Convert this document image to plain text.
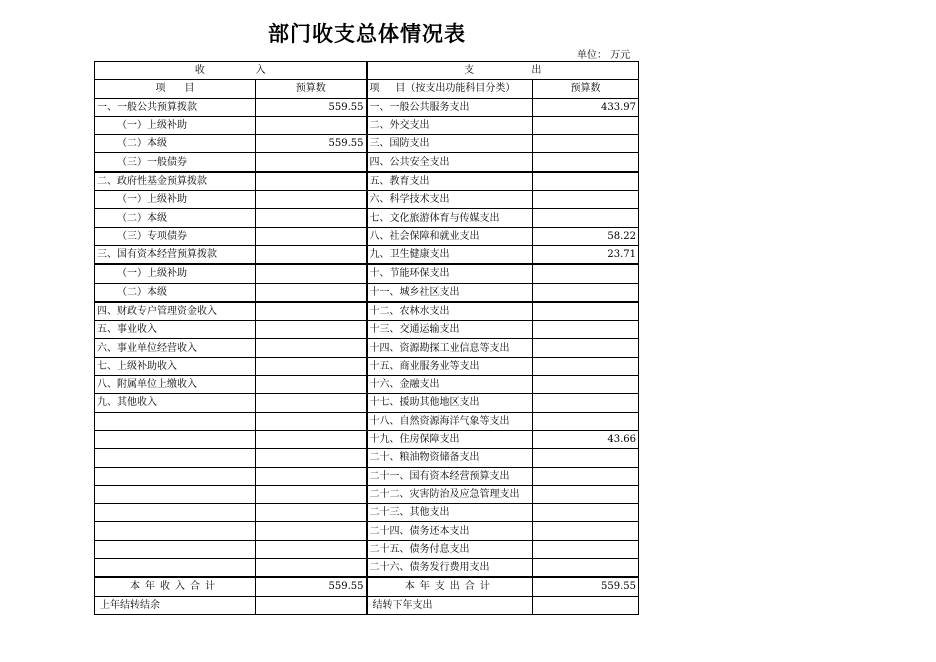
部门收支总体情况表
单位： 万元
收                入		支                  出	
项      目	预算数	项     目（按支出功能科目分类）	预算数
一、一般公共预算拨款	559.55	一、一般公共服务支出	433.97
（一）上级补助		二、外交支出	
（二）本级	559.55	三、国防支出	
（三）一般债券		四、公共安全支出	
二、政府性基金预算拨款		五、教育支出	
（一）上级补助		六、科学技术支出	
（二）本级		七、文化旅游体育与传媒支出	
（三）专项债券		八、社会保障和就业支出	58.22
三、国有资本经营预算拨款		九、卫生健康支出	23.71
（一）上级补助		十、节能环保支出	
（二）本级		十一、城乡社区支出	
四、财政专户管理资金收入		十二、农林水支出	
五、事业收入		十三、交通运输支出	
六、事业单位经营收入		十四、资源勘探工业信息等支出	
七、上级补助收入		十五、商业服务业等支出	
八、附属单位上缴收入		十六、金融支出	
九、其他收入		十七、援助其他地区支出	
		十八、自然资源海洋气象等支出	
		十九、住房保障支出	43.66
		二十、粮油物资储备支出	
		二十一、国有资本经营预算支出	
		二十二、灾害防治及应急管理支出	
		二十三、其他支出	
		二十四、债务还本支出	
		二十五、债务付息支出	
		二十六、债务发行费用支出	
本年收入合计	559.55	本年支出合计	559.55
上年结转结余		结转下年支出	
